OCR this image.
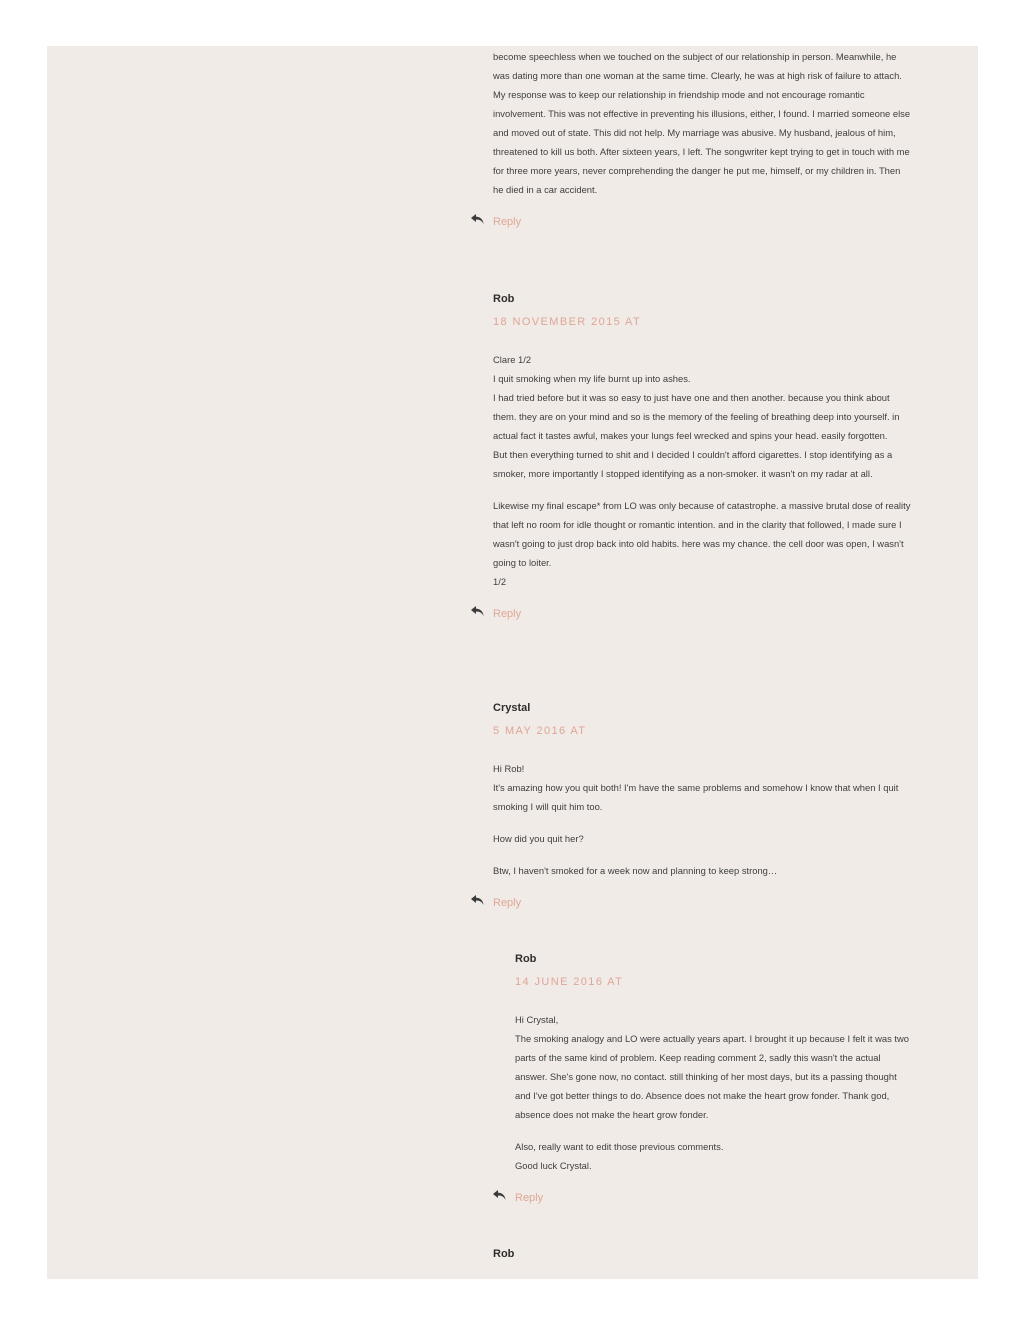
become speechless when we touched on the subject of our relationship in person. Meanwhile, he was dating more than one woman at the same time. Clearly, he was at high risk of failure to attach.

My response was to keep our relationship in friendship mode and not encourage romantic involvement. This was not effective in preventing his illusions, either, I found. I married someone else and moved out of state. This did not help. My marriage was abusive. My husband, jealous of him, threatened to kill us both. After sixteen years, I left. The songwriter kept trying to get in touch with me for three more years, never comprehending the danger he put me, himself, or my children in. Then he died in a car accident.

Reply

Rob

18 NOVEMBER 2015 AT

Clare 1/2
I quit smoking when my life burnt up into ashes.
I had tried before but it was so easy to just have one and then another. because you think about them. they are on your mind and so is the memory of the feeling of breathing deep into yourself. in actual fact it tastes awful, makes your lungs feel wrecked and spins your head. easily forgotten.
But then everything turned to shit and I decided I couldn't afford cigarettes. I stop identifying as a smoker, more importantly I stopped identifying as a non-smoker. it wasn't on my radar at all.

Likewise my final escape* from LO was only because of catastrophe. a massive brutal dose of reality that left no room for idle thought or romantic intention. and in the clarity that followed, I made sure I wasn't going to just drop back into old habits. here was my chance. the cell door was open, I wasn't going to loiter.
1/2

Reply

Crystal

5 MAY 2016 AT

Hi Rob!
It's amazing how you quit both! I'm have the same problems and somehow I know that when I quit smoking I will quit him too.

How did you quit her?

Btw, I haven't smoked for a week now and planning to keep strong…

Reply

Rob

14 JUNE 2016 AT

Hi Crystal,
The smoking analogy and LO were actually years apart. I brought it up because I felt it was two parts of the same kind of problem. Keep reading comment 2, sadly this wasn't the actual answer. She's gone now, no contact. still thinking of her most days, but its a passing thought and I've got better things to do. Absence does not make the heart grow fonder. Thank god, absence does not make the heart grow fonder.

Also, really want to edit those previous comments.
Good luck Crystal.

Reply

Rob
